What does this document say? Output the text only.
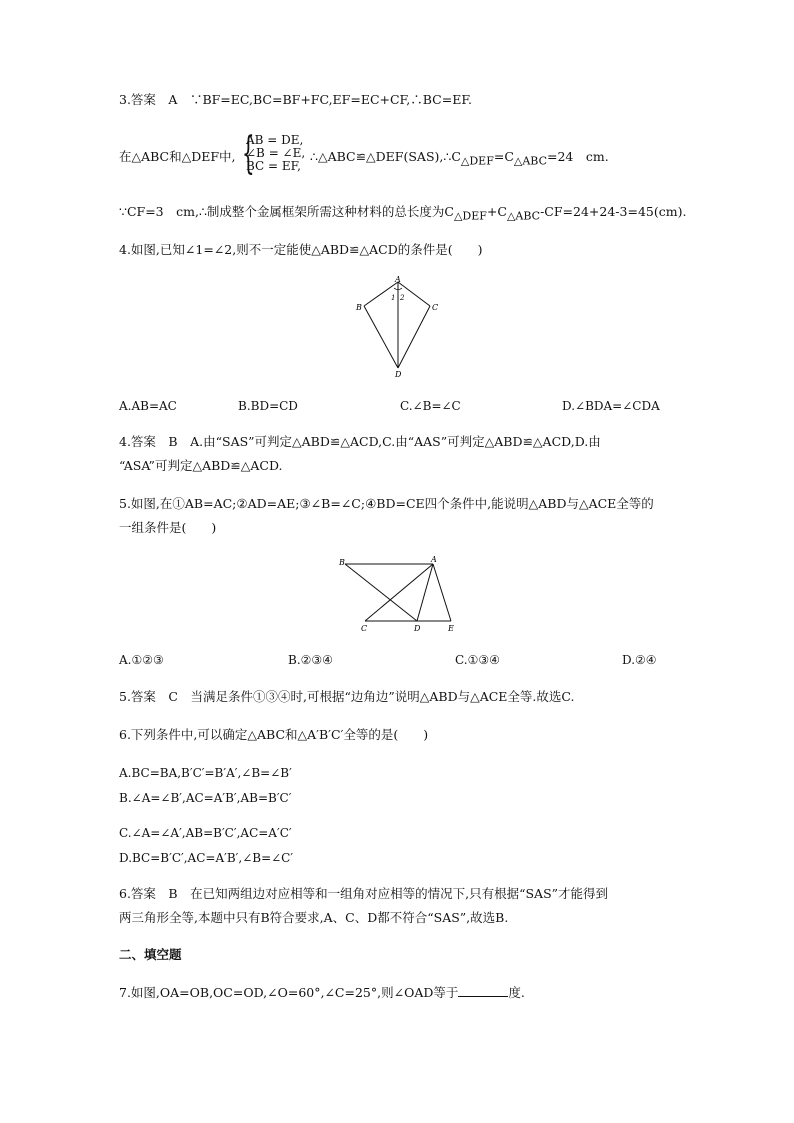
3.答案　A　∵BF=EC,BC=BF+FC,EF=EC+CF,∴BC=EF.
在△ABC和△DEF中, {
AB = DE,
∠B = ∠E,
BC = EF,
$\therefore\triangle ABC≌\triangle DEF(SAS),\therefore C_{\triangle DEF}=C_{\triangle ABC}=24$　cm.
∵CF=3　cm,∴制成整个金属框架所需这种材料的总长度为$C_{\triangle DEF}+C_{\triangle ABC}-CF=24+24-3=45(cm)$.
4.如图,已知∠1=∠2,则不一定能使△ABD≌△ACD的条件是(　　)
A
B	C
D
1 2
A.AB=AC	B.BD=CD	C.∠B=∠C	D.∠BDA=∠CDA
4.答案　B　A.由“SAS”可判定△ABD≌△ACD,C.由“AAS”可判定△ABD≌△ACD,D.由
“ASA”可判定△ABD≌△ACD.
5.如图,在①AB=AC;②AD=AE;③∠B=∠C;④BD=CE四个条件中,能说明△ABD与△ACE全等的
一组条件是(　　)
B	A
C	D	E
A.①②③	B.②③④	C.①③④	D.②④
5.答案　C　当满足条件①③④时,可根据“边角边”说明△ABD与△ACE全等.故选C.
6.下列条件中,可以确定△ABC和△A′B′C′全等的是(　　)
A.BC=BA,B′C′=B′A′,∠B=∠B′
B.∠A=∠B′,AC=A′B′,AB=B′C′
C.∠A=∠A′,AB=B′C′,AC=A′C′
D.BC=B′C′,AC=A′B′,∠B=∠C′
6.答案　B　在已知两组边对应相等和一组角对应相等的情况下,只有根据“SAS”才能得到
两三角形全等,本题中只有B符合要求,A、C、D都不符合“SAS”,故选B.
二、填空题
7.如图,OA=OB,OC=OD,∠O=60°,∠C=25°,则∠OAD等于	度.
